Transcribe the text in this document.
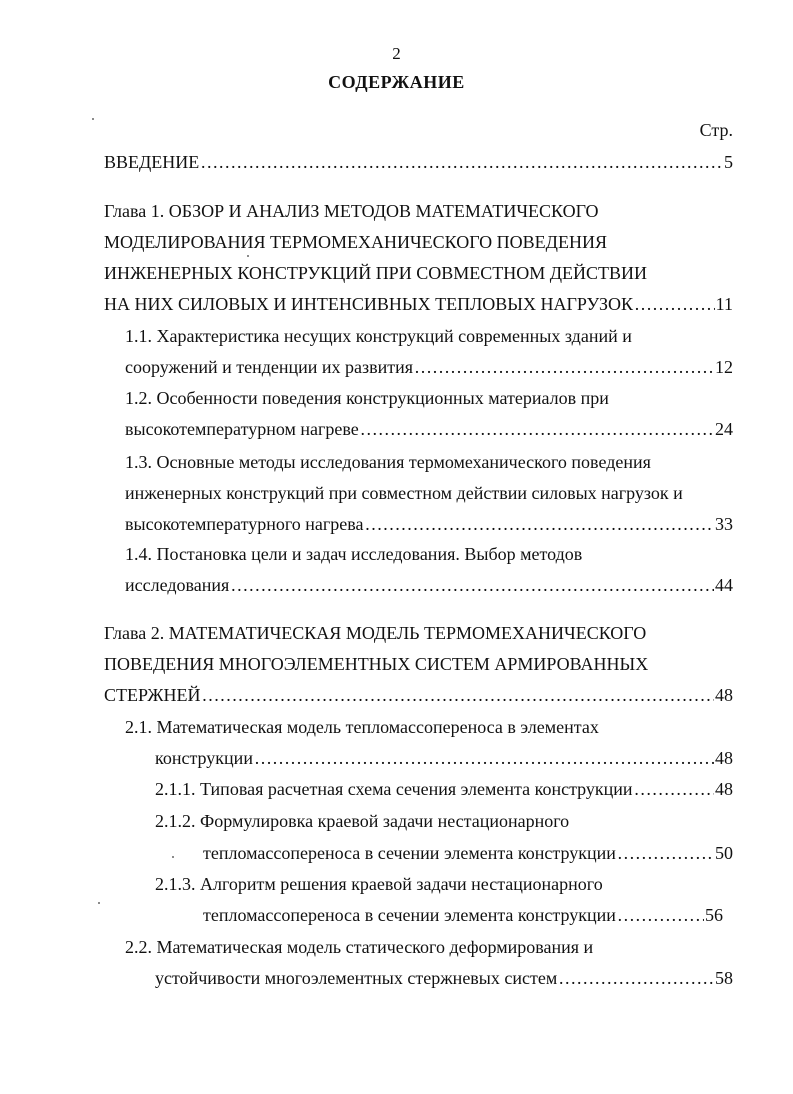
2
СОДЕРЖАНИЕ
Стр.
ВВЕДЕНИЕ ……………………………………………………………………………………………………………………………………………………………………………………………	5
Глава 1. ОБЗОР И АНАЛИЗ МЕТОДОВ МАТЕМАТИЧЕСКОГО
МОДЕЛИРОВАНИЯ ТЕРМОМЕХАНИЧЕСКОГО ПОВЕДЕНИЯ
ИНЖЕНЕРНЫХ КОНСТРУКЦИЙ ПРИ СОВМЕСТНОМ ДЕЙСТВИИ
НА НИХ СИЛОВЫХ И ИНТЕНСИВНЫХ ТЕПЛОВЫХ НАГРУЗОК ……………………………………………………………………………………………………………………………………………………………………………………………	11
1.1. Характеристика несущих конструкций современных зданий и
сооружений и тенденции их развития ……………………………………………………………………………………………………………………………………………………………………………………………	12
1.2. Особенности поведения конструкционных материалов при
высокотемпературном нагреве ……………………………………………………………………………………………………………………………………………………………………………………………	24
1.3. Основные методы исследования термомеханического поведения
инженерных конструкций при совместном действии силовых нагрузок и
высокотемпературного нагрева ……………………………………………………………………………………………………………………………………………………………………………………………	33
1.4. Постановка цели и задач исследования. Выбор методов
исследования ……………………………………………………………………………………………………………………………………………………………………………………………	44
Глава 2. МАТЕМАТИЧЕСКАЯ МОДЕЛЬ ТЕРМОМЕХАНИЧЕСКОГО
ПОВЕДЕНИЯ МНОГОЭЛЕМЕНТНЫХ СИСТЕМ АРМИРОВАННЫХ
СТЕРЖНЕЙ ……………………………………………………………………………………………………………………………………………………………………………………………	48
2.1. Математическая модель тепломассопереноса в элементах
конструкции ……………………………………………………………………………………………………………………………………………………………………………………………	48
2.1.1. Типовая расчетная схема сечения элемента конструкции ……………………………………………………………………………………………………………………………………………………………………………………………	48
2.1.2. Формулировка краевой задачи нестационарного
тепломассопереноса в сечении элемента конструкции ……………………………………………………………………………………………………………………………………………………………………………………………	50
2.1.3. Алгоритм решения краевой задачи нестационарного
тепломассопереноса в сечении элемента конструкции ……………………………………………………………………………………………………………………………………………………………………………………………	56
2.2. Математическая модель статического деформирования и
устойчивости многоэлементных стержневых систем ……………………………………………………………………………………………………………………………………………………………………………………………	58
